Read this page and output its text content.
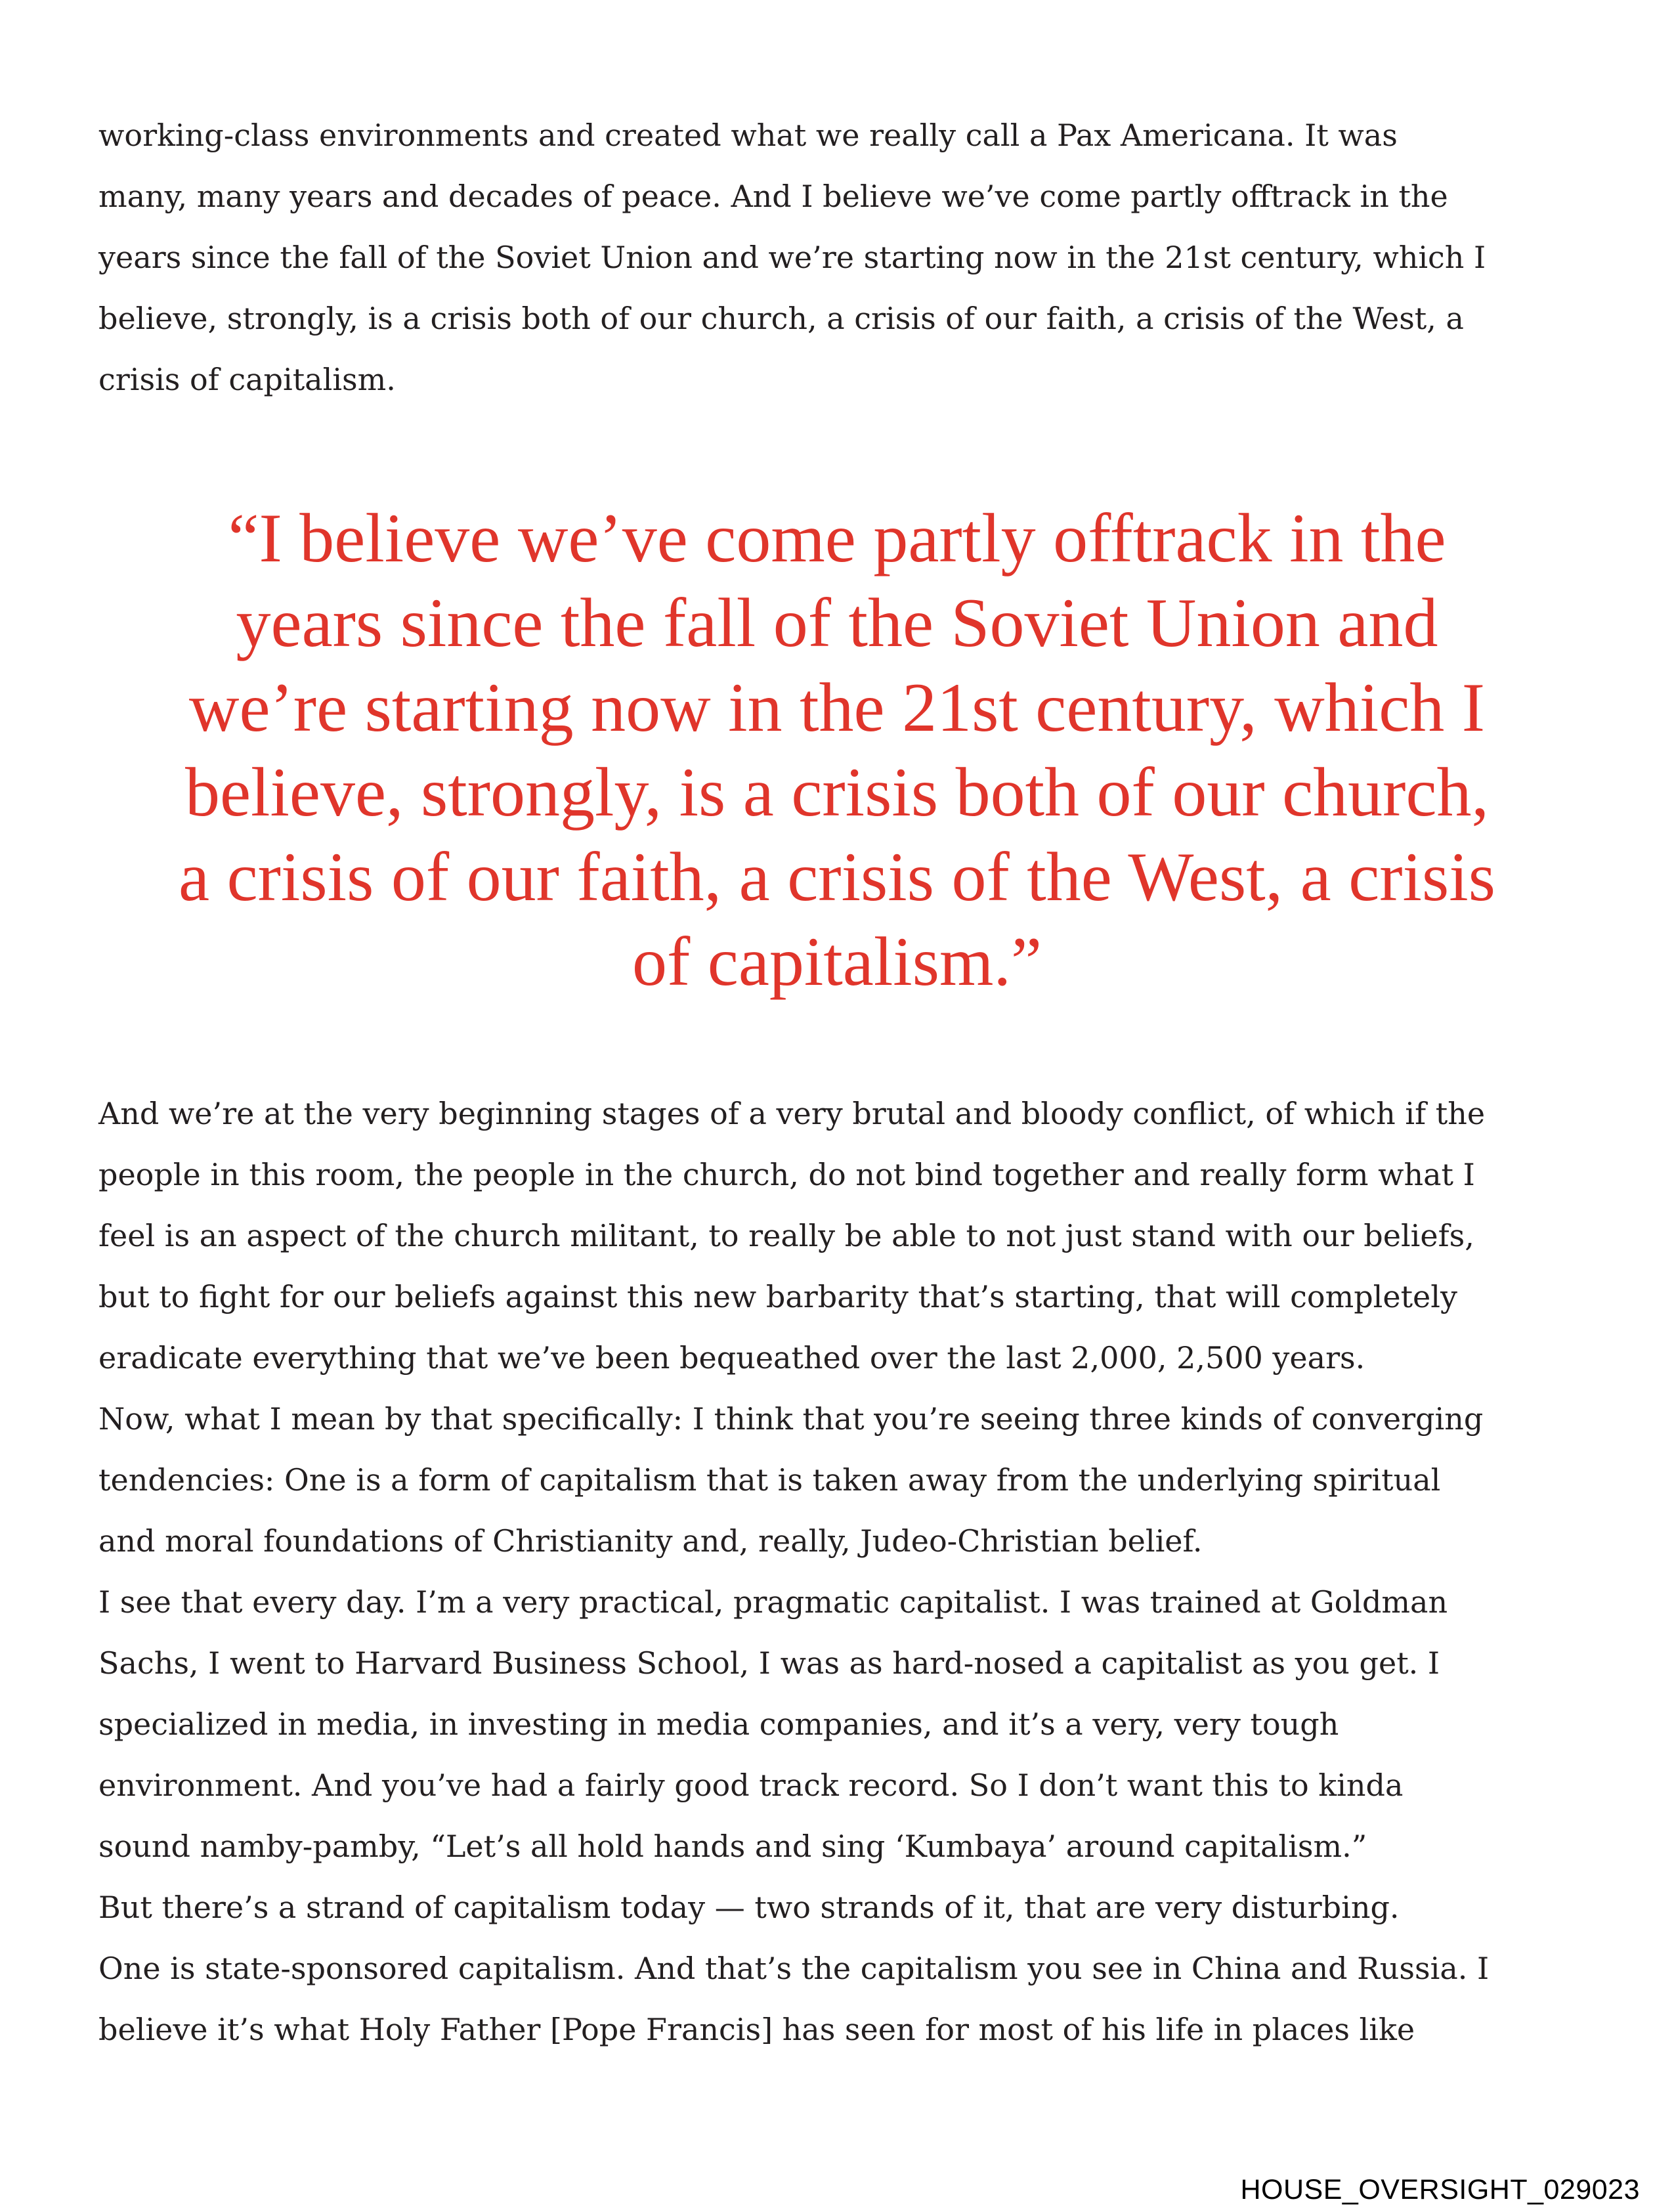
working-class environments and created what we really call a Pax Americana. It was
many, many years and decades of peace. And I believe we’ve come partly offtrack in the
years since the fall of the Soviet Union and we’re starting now in the 21st century, which I
believe, strongly, is a crisis both of our church, a crisis of our faith, a crisis of the West, a
crisis of capitalism.

“I believe we’ve come partly offtrack in the
years since the fall of the Soviet Union and
we’re starting now in the 21st century, which I
believe, strongly, is a crisis both of our church,
a crisis of our faith, a crisis of the West, a crisis
of capitalism.”

And we’re at the very beginning stages of a very brutal and bloody conflict, of which if the
people in this room, the people in the church, do not bind together and really form what I
feel is an aspect of the church militant, to really be able to not just stand with our beliefs,
but to fight for our beliefs against this new barbarity that’s starting, that will completely
eradicate everything that we’ve been bequeathed over the last 2,000, 2,500 years.
Now, what I mean by that specifically: I think that you’re seeing three kinds of converging
tendencies: One is a form of capitalism that is taken away from the underlying spiritual
and moral foundations of Christianity and, really, Judeo-Christian belief.
I see that every day. I’m a very practical, pragmatic capitalist. I was trained at Goldman
Sachs, I went to Harvard Business School, I was as hard-nosed a capitalist as you get. I
specialized in media, in investing in media companies, and it’s a very, very tough
environment. And you’ve had a fairly good track record. So I don’t want this to kinda
sound namby-pamby, “Let’s all hold hands and sing ‘Kumbaya’ around capitalism.”
But there’s a strand of capitalism today — two strands of it, that are very disturbing.
One is state-sponsored capitalism. And that’s the capitalism you see in China and Russia. I
believe it’s what Holy Father [Pope Francis] has seen for most of his life in places like

HOUSE_OVERSIGHT_029023
